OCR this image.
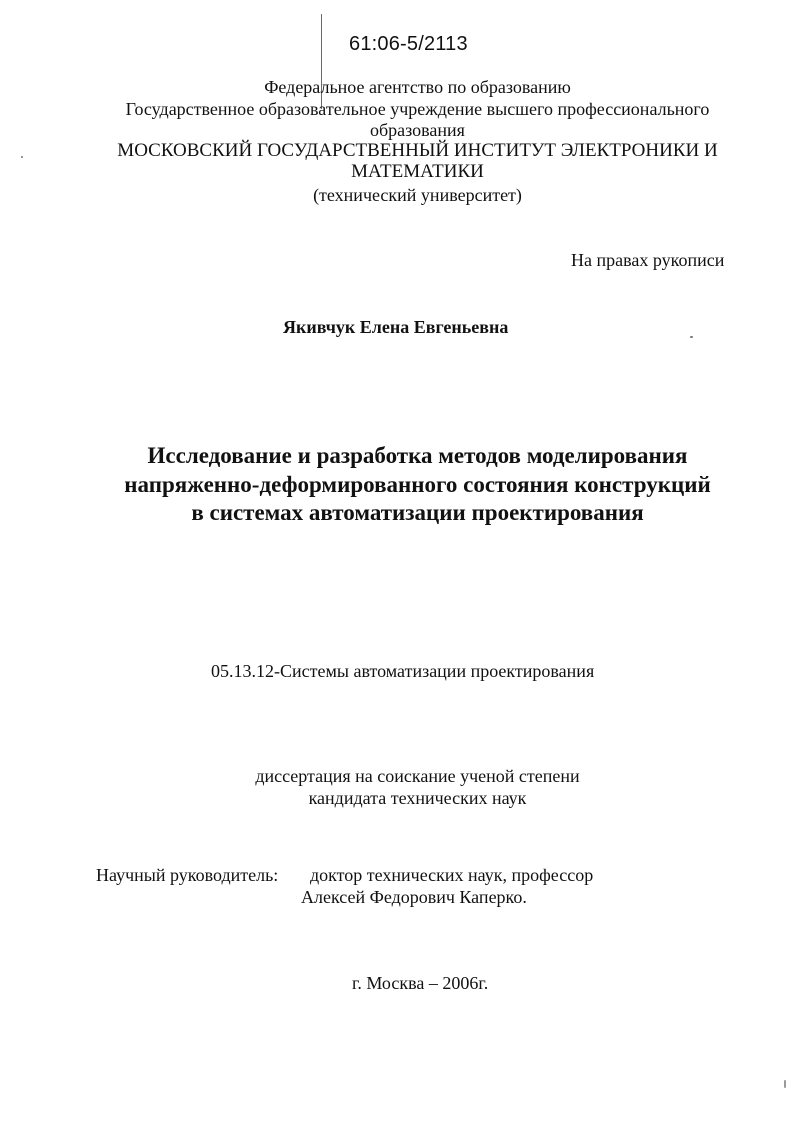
61:06-5/2113
Федеральное агентство по образованию
Государственное образовательное учреждение высшего профессионального
образования
МОСКОВСКИЙ ГОСУДАРСТВЕННЫЙ ИНСТИТУТ ЭЛЕКТРОНИКИ И
МАТЕМАТИКИ
(технический университет)
На правах рукописи
Якивчук Елена Евгеньевна
Исследование и разработка методов моделирования
напряженно-деформированного состояния конструкций
в системах автоматизации проектирования
05.13.12-Системы автоматизации проектирования
диссертация на соискание ученой степени
кандидата технических наук
Научный руководитель: доктор технических наук, профессор
Алексей Федорович Каперко.
г. Москва – 2006г.
